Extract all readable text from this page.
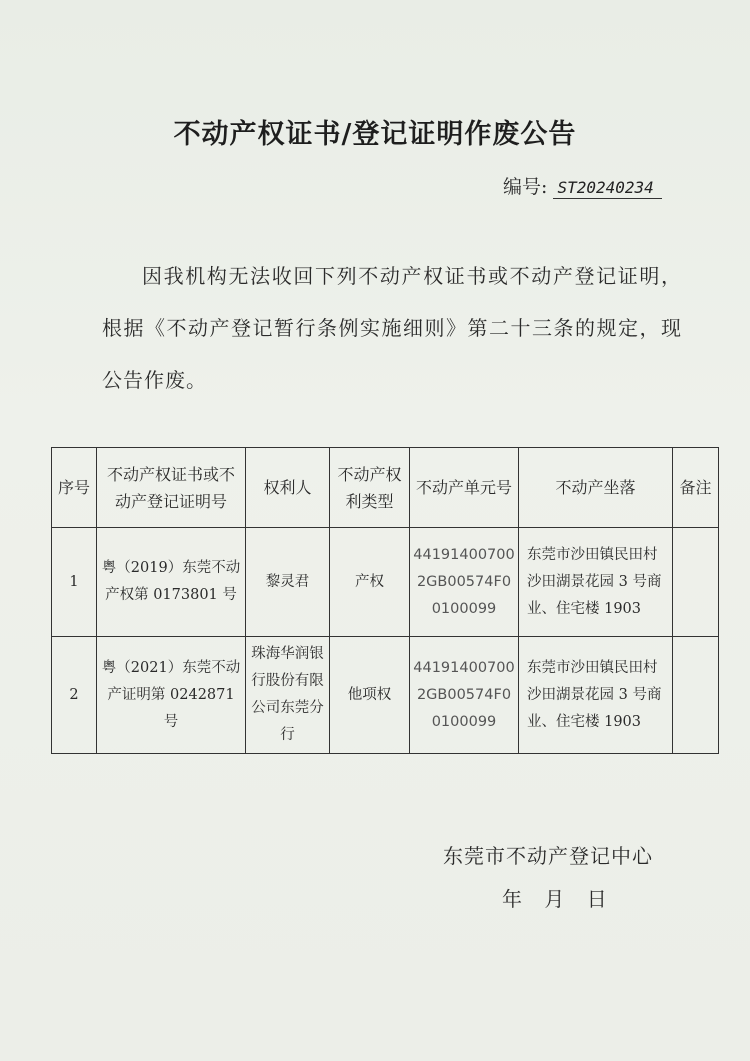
不动产权证书/登记证明作废公告
编号: ST20240234
因我机构无法收回下列不动产权证书或不动产登记证明，根据《不动产登记暂行条例实施细则》第二十三条的规定，现公告作废。
序号	不动产权证书或不动产登记证明号	权利人	不动产权利类型	不动产单元号	不动产坐落	备注
1	粤（2019）东莞不动产权第 0173801 号	黎灵君	产权	441914007002GB00574F00100099	东莞市沙田镇民田村沙田湖景花园 3 号商业、住宅楼 1903	
2	粤（2021）东莞不动产证明第 0242871 号	珠海华润银行股份有限公司东莞分行	他项权	441914007002GB00574F00100099	东莞市沙田镇民田村沙田湖景花园 3 号商业、住宅楼 1903	
东莞市不动产登记中心
年 月 日
